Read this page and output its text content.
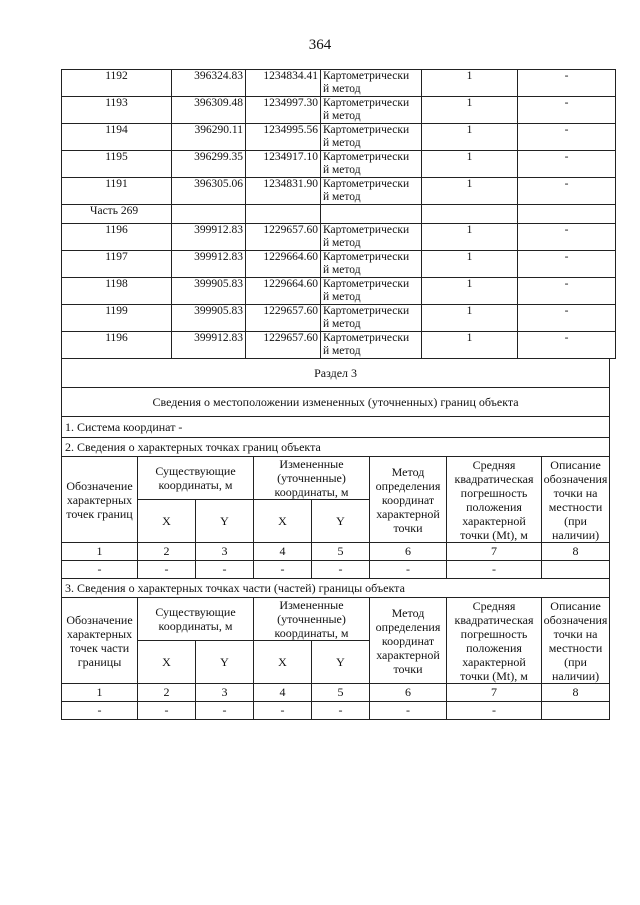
364
1192	396324.83	1234834.41	Картометрически
й метод	1	-
1193	396309.48	1234997.30	Картометрически
й метод	1	-
1194	396290.11	1234995.56	Картометрически
й метод	1	-
1195	396299.35	1234917.10	Картометрически
й метод	1	-
1191	396305.06	1234831.90	Картометрически
й метод	1	-
Часть 269					
1196	399912.83	1229657.60	Картометрически
й метод	1	-
1197	399912.83	1229664.60	Картометрически
й метод	1	-
1198	399905.83	1229664.60	Картометрически
й метод	1	-
1199	399905.83	1229657.60	Картометрически
й метод	1	-
1196	399912.83	1229657.60	Картометрически
й метод	1	-
Раздел 3							
Сведения о местоположении измененных (уточненных) границ объекта							
1. Система координат -							
2. Сведения о характерных точках границ объекта							
Обозначение характерных точек границ	Существующие координаты, м		Измененные (уточненные) координаты, м		Метод определения координат характерной точки	Средняя квадратическая погрешность положения характерной точки (Mt), м	Описание обозначения точки на местности (при наличии)
	X	Y	X	Y			
1	2	3	4	5	6	7	8
-	-	-	-	-	-	-	
3. Сведения о характерных точках части (частей) границы объекта							
Обозначение характерных точек части границы	Существующие координаты, м		Измененные (уточненные) координаты, м		Метод определения координат характерной точки	Средняя квадратическая погрешность положения характерной точки (Mt), м	Описание обозначения точки на местности (при наличии)
	X	Y	X	Y			
1	2	3	4	5	6	7	8
-	-	-	-	-	-	-	
